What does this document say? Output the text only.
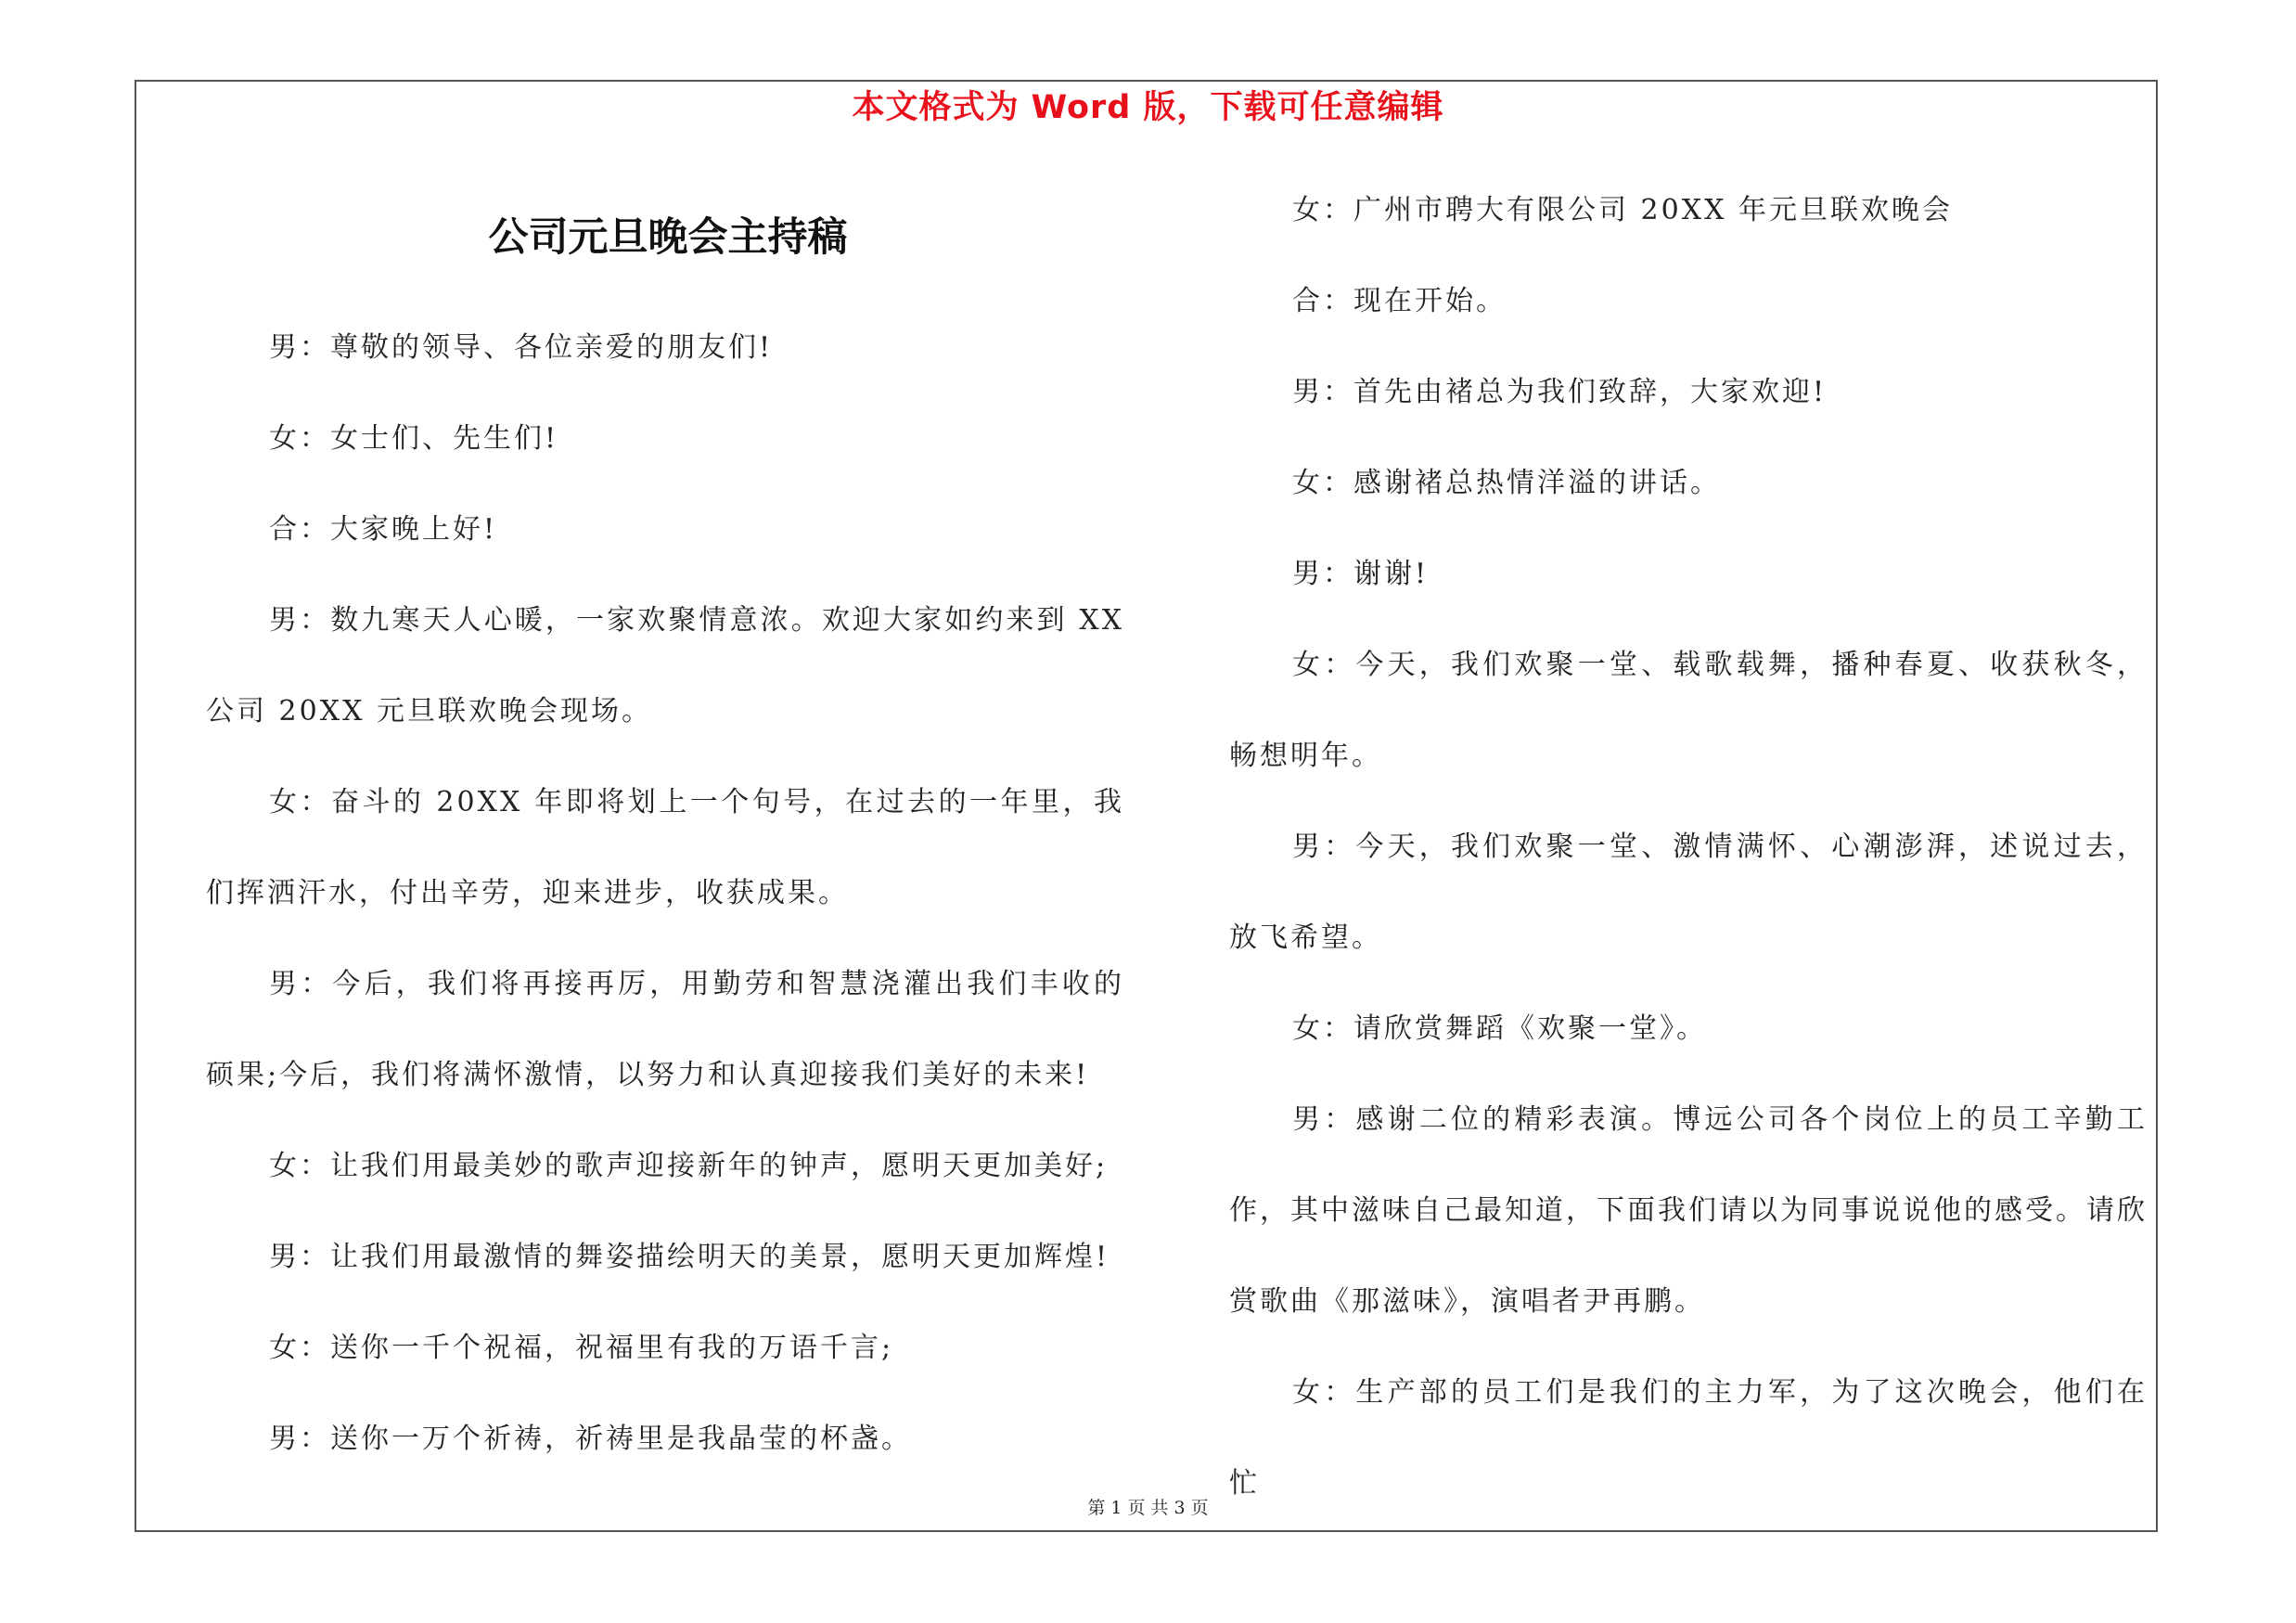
本文格式为 Word 版，下载可任意编辑
公司元旦晚会主持稿

男：尊敬的领导、各位亲爱的朋友们!

女：女士们、先生们!

合：大家晚上好!

男：数九寒天人心暖，一家欢聚情意浓。欢迎大家如约来到 XX 公司 20XX 元旦联欢晚会现场。

女：奋斗的 20XX 年即将划上一个句号，在过去的一年里，我们挥洒汗水，付出辛劳，迎来进步，收获成果。

男：今后，我们将再接再厉，用勤劳和智慧浇灌出我们丰收的硕果;今后，我们将满怀激情，以努力和认真迎接我们美好的未来!

女：让我们用最美妙的歌声迎接新年的钟声，愿明天更加美好;

男：让我们用最激情的舞姿描绘明天的美景，愿明天更加辉煌!

女：送你一千个祝福，祝福里有我的万语千言;

男：送你一万个祈祷，祈祷里是我晶莹的杯盏。

女：广州市聘大有限公司 20XX 年元旦联欢晚会

合：现在开始。

男：首先由褚总为我们致辞，大家欢迎!

女：感谢褚总热情洋溢的讲话。

男：谢谢!

女：今天，我们欢聚一堂、载歌载舞，播种春夏、收获秋冬，畅想明年。

男：今天，我们欢聚一堂、激情满怀、心潮澎湃，述说过去，放飞希望。

女：请欣赏舞蹈《欢聚一堂》。

男：感谢二位的精彩表演。博远公司各个岗位上的员工辛勤工作，其中滋味自己最知道，下面我们请以为同事说说他的感受。请欣赏歌曲《那滋味》，演唱者尹再鹏。

女：生产部的员工们是我们的主力军，为了这次晚会，他们在忙

第 1 页 共 3 页
